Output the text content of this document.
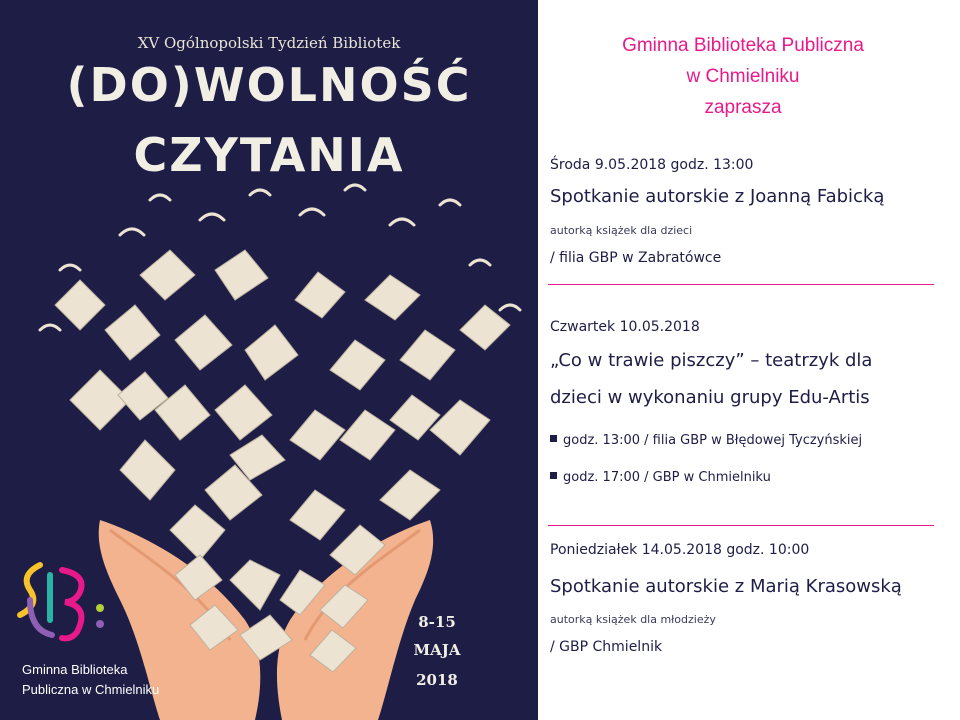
XV Ogólnopolski Tydzień Bibliotek
(DO)WOLNOŚĆ
CZYTANIA
8-15
MAJA
2018
Gminna Biblioteka
Publiczna w Chmielniku
Gminna Biblioteka Publiczna
w Chmielniku
zaprasza
Środa 9.05.2018 godz. 13:00
Spotkanie autorskie z Joanną Fabicką
autorką książek dla dzieci
/ filia GBP w Zabratówce
Czwartek 10.05.2018
„Co w trawie piszczy” – teatrzyk dla
dzieci w wykonaniu grupy Edu-Artis
godz. 13:00 / filia GBP w Błędowej Tyczyńskiej
godz. 17:00 / GBP w Chmielniku
Poniedziałek 14.05.2018 godz. 10:00
Spotkanie autorskie z Marią Krasowską
autorką książek dla młodzieży
/ GBP Chmielnik
